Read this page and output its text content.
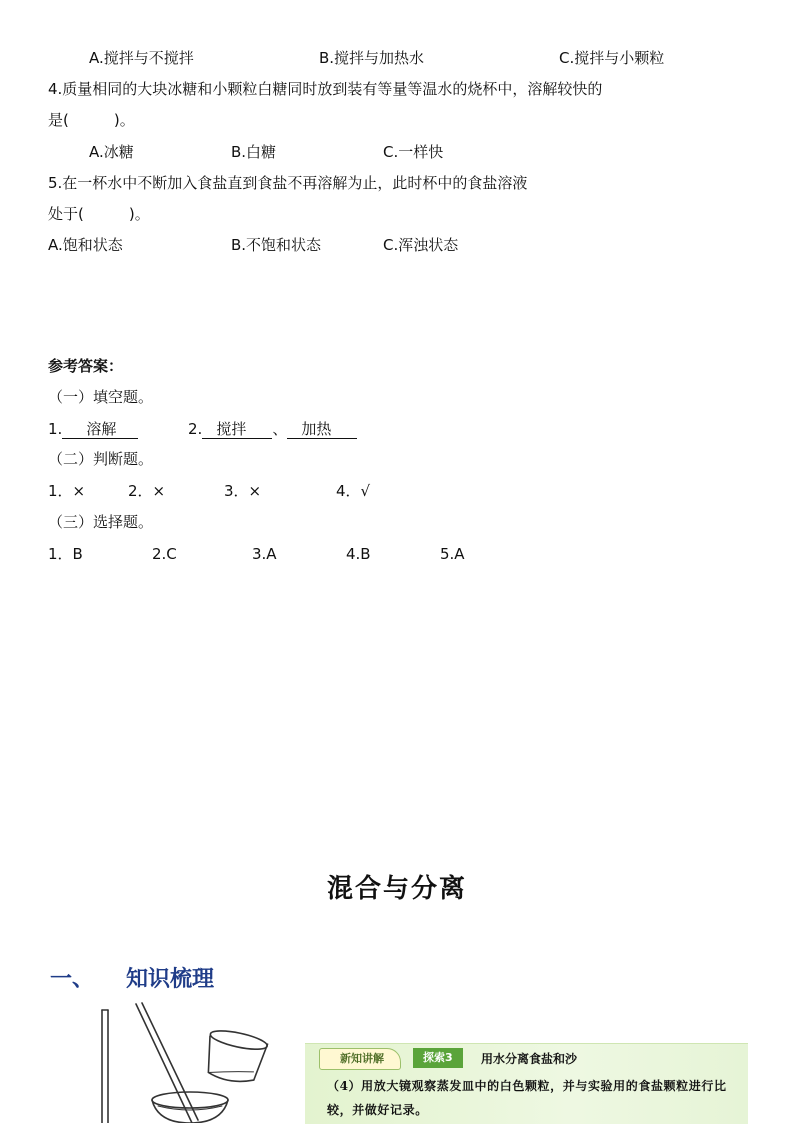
A.搅拌与不搅拌	B.搅拌与加热水	C.搅拌与小颗粒
4.质量相同的大块冰糖和小颗粒白糖同时放到装有等量等温水的烧杯中，溶解较快的
是(　　　)。
A.冰糖	B.白糖	C.一样快
5.在一杯水中不断加入食盐直到食盐不再溶解为止，此时杯中的食盐溶液
处于(　　　)。
A.饱和状态	B.不饱和状态	C.浑浊状态
参考答案：
（一）填空题。
1. 溶解	2. 搅拌 、 加热
（二）判断题。
1．×	2．×	3．×	4．√
（三）选择题。
1．B	2.C	3.A	4.B	5.A
混合与分离
一、 知识梳理
新知讲解	探索3	用水分离食盐和沙
（4）用放大镜观察蒸发皿中的白色颗粒，并与实验用的食盐颗粒进行比较，并做好记录。
